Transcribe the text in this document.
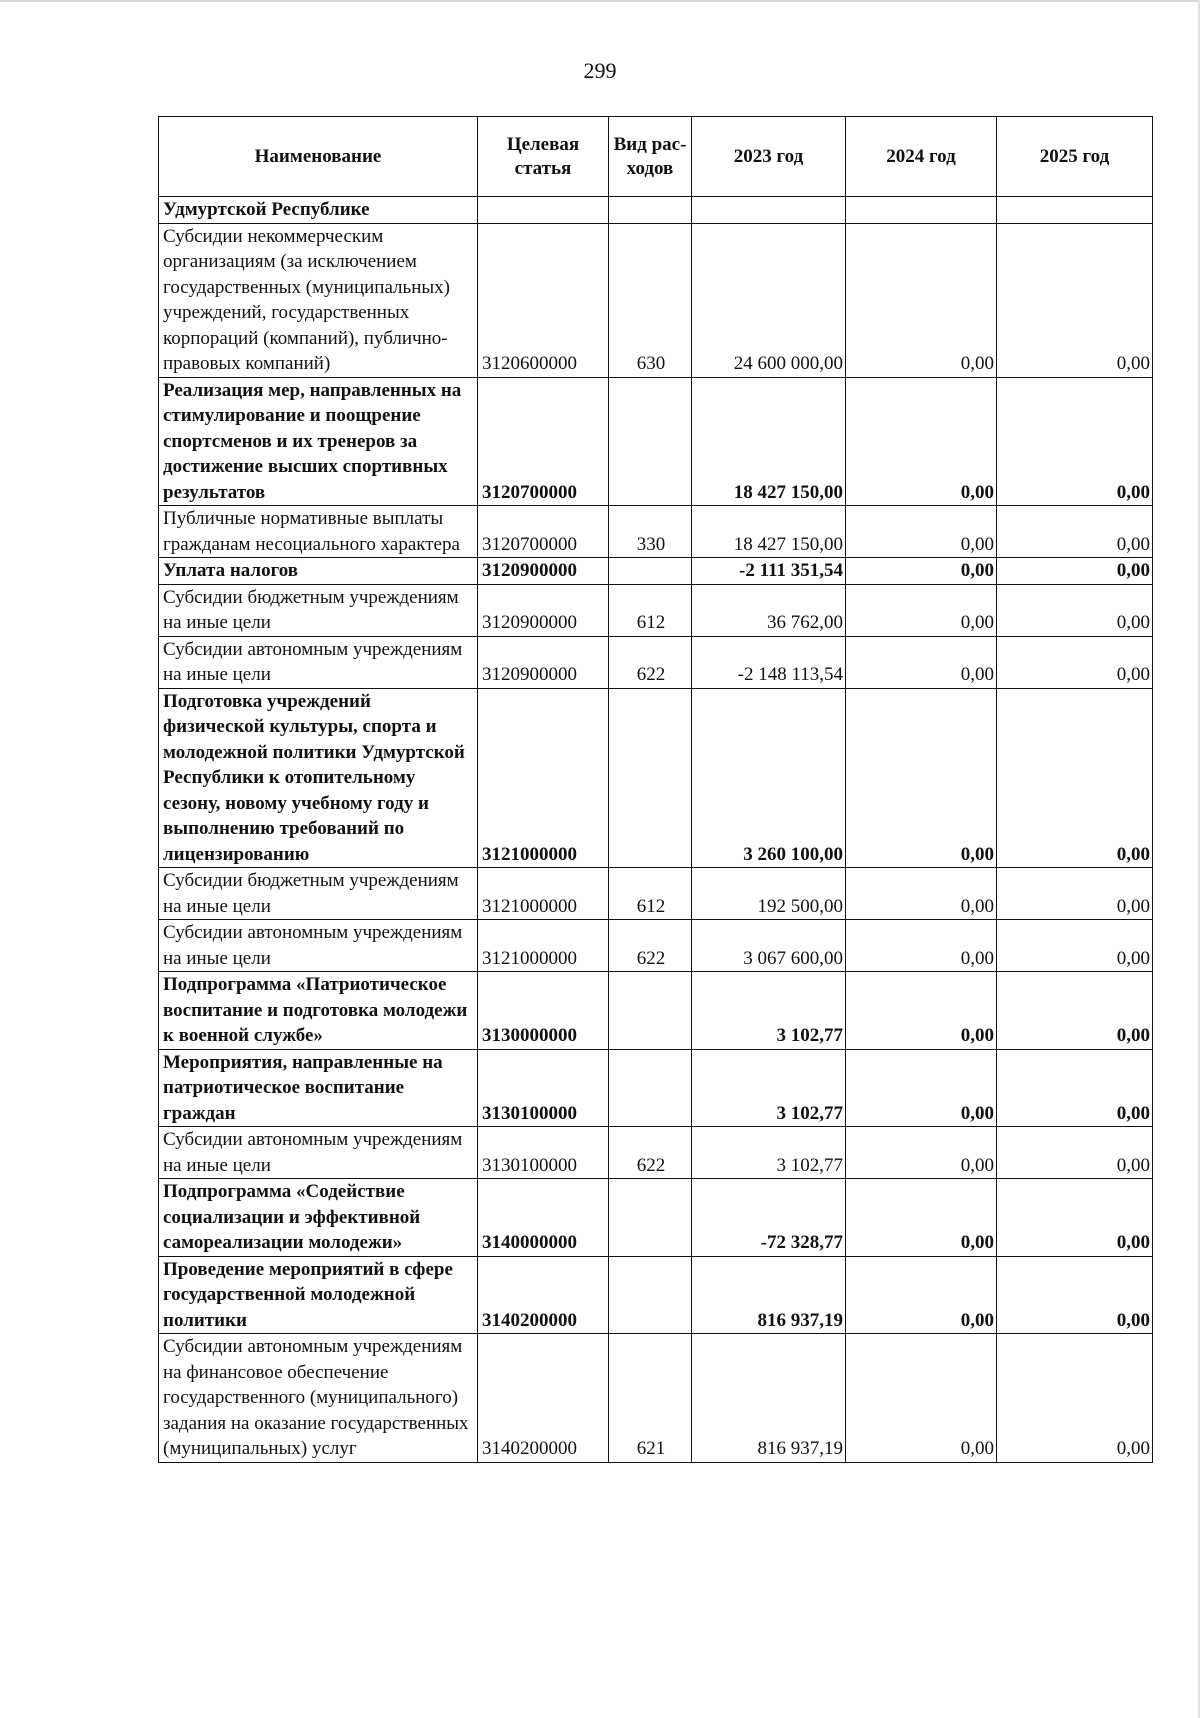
299
Наименование	Целевая статья	Вид рас-ходов	2023 год	2024 год	2025 год
Удмуртской Республике					
Субсидии некоммерческим организациям (за исключением государственных (муниципальных) учреждений, государственных корпораций (компаний), публично-правовых компаний)	3120600000	630	24 600 000,00	0,00	0,00
Реализация мер, направленных на стимулирование и поощрение спортсменов и их тренеров за достижение высших спортивных результатов	3120700000		18 427 150,00	0,00	0,00
Публичные нормативные выплаты гражданам несоциального характера	3120700000	330	18 427 150,00	0,00	0,00
Уплата налогов	3120900000		-2 111 351,54	0,00	0,00
Субсидии бюджетным учреждениям на иные цели	3120900000	612	36 762,00	0,00	0,00
Субсидии автономным учреждениям на иные цели	3120900000	622	-2 148 113,54	0,00	0,00
Подготовка учреждений физической культуры, спорта и молодежной политики Удмуртской Республики к отопительному сезону, новому учебному году и выполнению требований по лицензированию	3121000000		3 260 100,00	0,00	0,00
Субсидии бюджетным учреждениям на иные цели	3121000000	612	192 500,00	0,00	0,00
Субсидии автономным учреждениям на иные цели	3121000000	622	3 067 600,00	0,00	0,00
Подпрограмма «Патриотическое воспитание и подготовка молодежи к военной службе»	3130000000		3 102,77	0,00	0,00
Мероприятия, направленные на патриотическое воспитание граждан	3130100000		3 102,77	0,00	0,00
Субсидии автономным учреждениям на иные цели	3130100000	622	3 102,77	0,00	0,00
Подпрограмма «Содействие социализации и эффективной самореализации молодежи»	3140000000		-72 328,77	0,00	0,00
Проведение мероприятий в сфере государственной молодежной политики	3140200000		816 937,19	0,00	0,00
Субсидии автономным учреждениям на финансовое обеспечение государственного (муниципального) задания на оказание государственных (муниципальных) услуг	3140200000	621	816 937,19	0,00	0,00
